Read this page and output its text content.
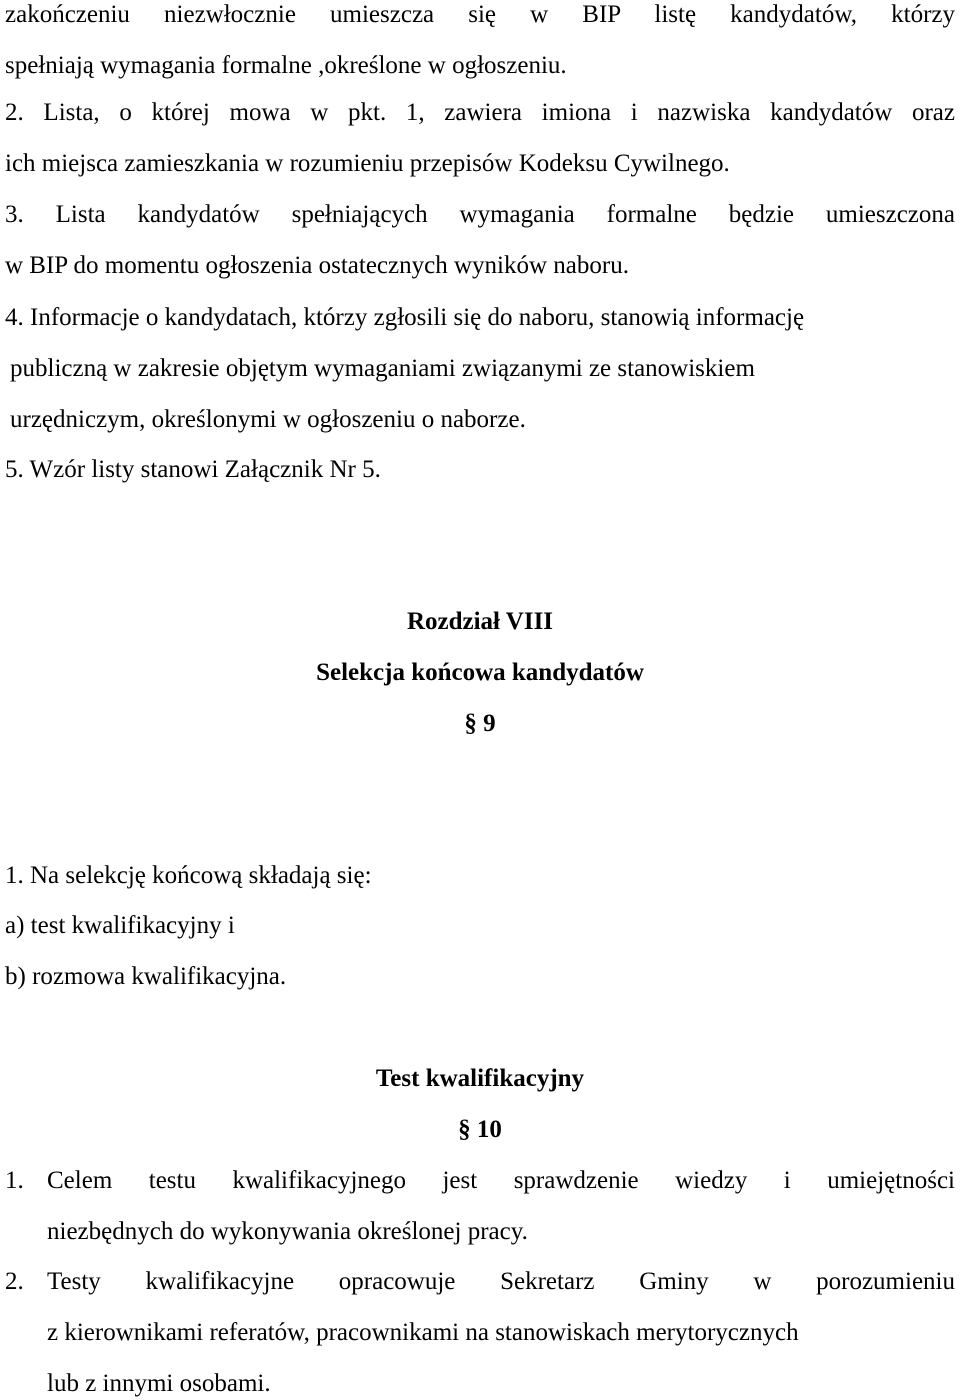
zakończeniu niezwłocznie umieszcza się w BIP listę kandydatów, którzy
spełniają wymagania formalne ,określone w ogłoszeniu.
2. Lista, o której mowa w pkt. 1, zawiera imiona i nazwiska kandydatów oraz
ich miejsca zamieszkania w rozumieniu przepisów Kodeksu Cywilnego.
3. Lista kandydatów spełniających wymagania formalne będzie umieszczona
w BIP do momentu ogłoszenia ostatecznych wyników naboru.
4. Informacje o kandydatach, którzy zgłosili się do naboru, stanowią informację
publiczną w zakresie objętym wymaganiami związanymi ze stanowiskiem
urzędniczym, określonymi w ogłoszeniu o naborze.
5. Wzór listy stanowi Załącznik Nr 5.
Rozdział VIII
Selekcja końcowa kandydatów
§ 9
1. Na selekcję końcową składają się:
a) test kwalifikacyjny i
b) rozmowa kwalifikacyjna.
Test kwalifikacyjny
§ 10
1. Celem testu kwalifikacyjnego jest sprawdzenie wiedzy i umiejętności
niezbędnych do wykonywania określonej pracy.
2. Testy kwalifikacyjne opracowuje Sekretarz Gminy w porozumieniu
z kierownikami referatów, pracownikami na stanowiskach merytorycznych
lub z innymi osobami.
